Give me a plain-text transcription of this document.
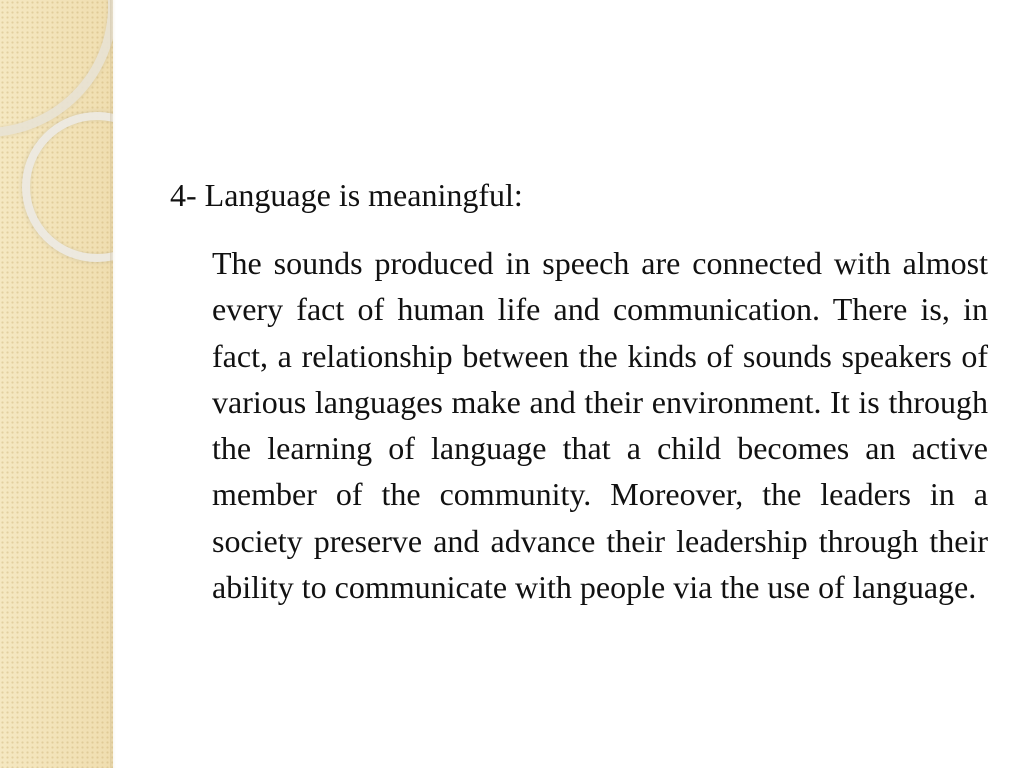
4- Language is meaningful:

The sounds produced in speech are connected with almost every fact of human life and communication. There is, in fact, a relationship between the kinds of sounds speakers of various languages make and their environment. It is through  the learning of language that a child becomes an active member of the community. Moreover, the leaders in a society preserve and advance their leadership through their ability to communicate with people via the use of language.
